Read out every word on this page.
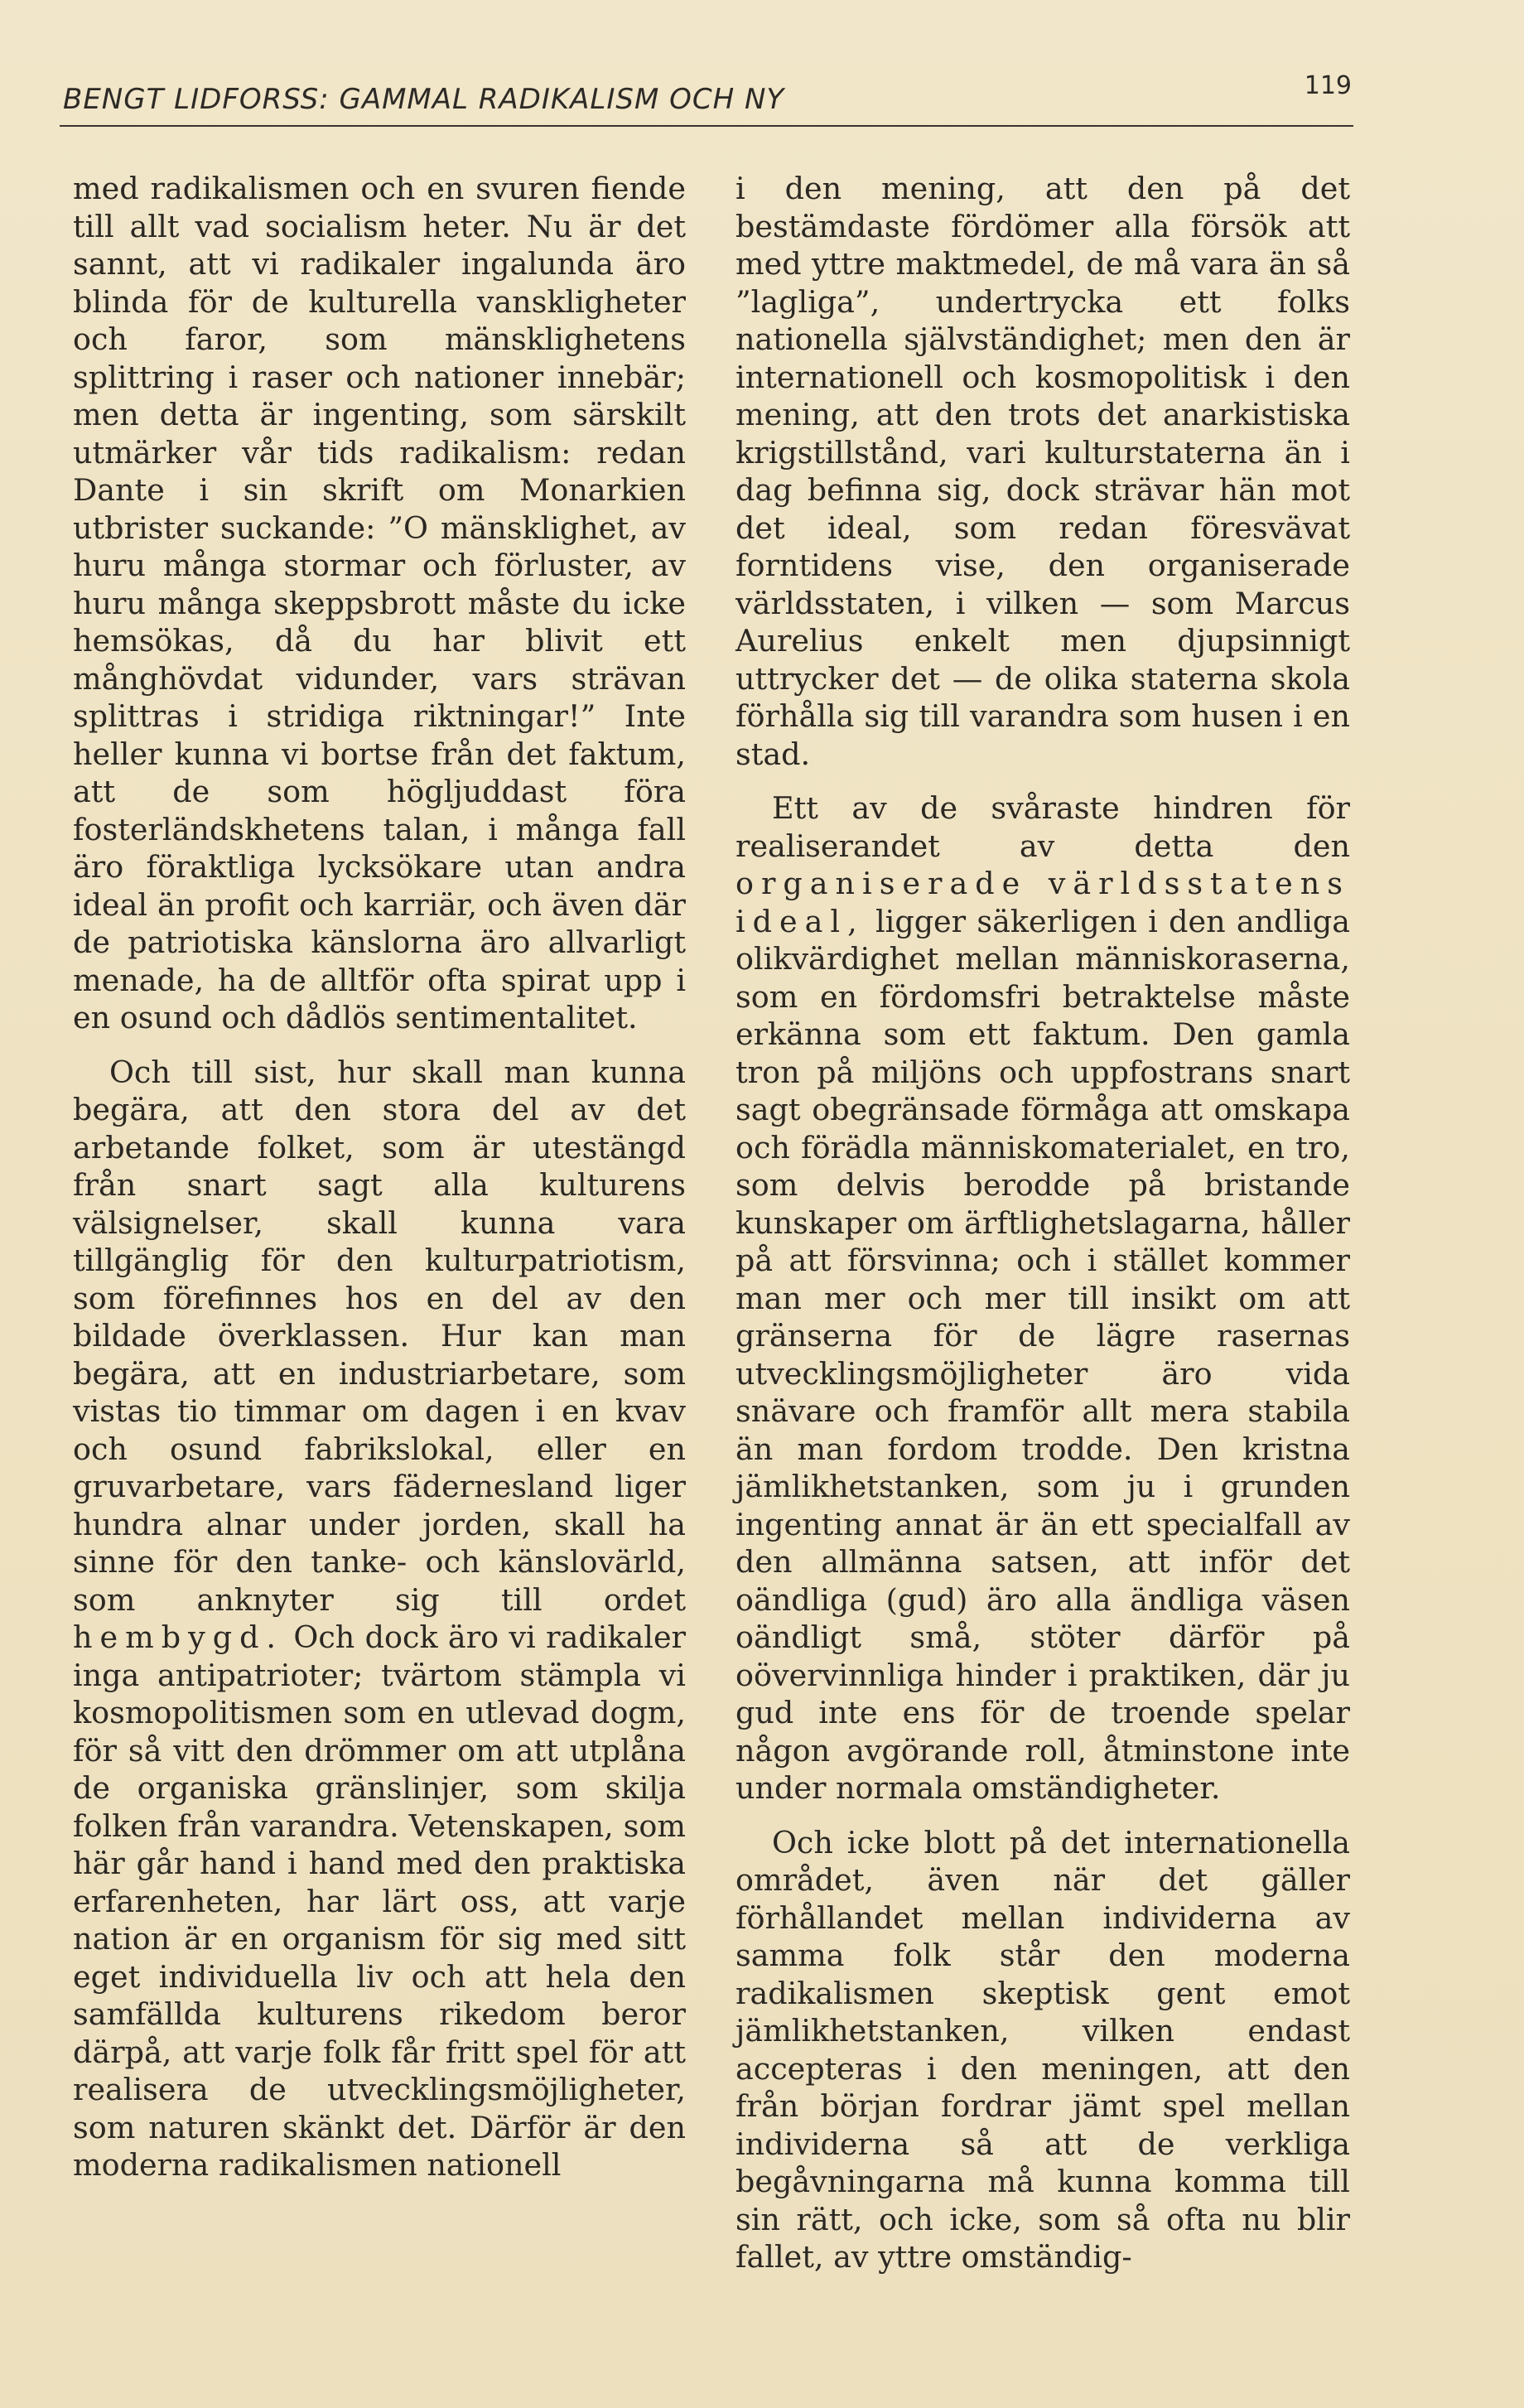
BENGT LIDFORSS: GAMMAL RADIKALISM OCH NY	119

med radikalismen och en svuren fiende till allt vad socialism heter. Nu är det sannt, att vi radikaler ingalunda äro blinda för de kulturella vanskligheter och faror, som mänsklighetens splittring i raser och nationer innebär; men detta är ingenting, som särskilt utmärker vår tids radikalism: redan Dante i sin skrift om Monarkien utbrister suckande: ”O mänsklighet, av huru många stormar och förluster, av huru många skeppsbrott måste du icke hemsökas, då du har blivit ett månghövdat vidunder, vars strävan splittras i stridiga riktningar!” Inte heller kunna vi bortse från det faktum, att de som högljuddast föra fosterländskhetens talan, i många fall äro föraktliga lycksökare utan andra ideal än profit och karriär, och även där de patriotiska känslorna äro allvarligt menade, ha de alltför ofta spirat upp i en osund och dådlös sentimentalitet.

Och till sist, hur skall man kunna begära, att den stora del av det arbetande folket, som är utestängd från snart sagt alla kulturens välsignelser, skall kunna vara tillgänglig för den kulturpatriotism, som förefinnes hos en del av den bildade överklassen. Hur kan man begära, att en industriarbetare, som vistas tio timmar om dagen i en kvav och osund fabrikslokal, eller en gruvarbetare, vars fädernesland liger hundra alnar under jorden, skall ha sinne för den tanke- och känslovärld, som anknyter sig till ordet hembygd. Och dock äro vi radikaler inga antipatrioter; tvärtom stämpla vi kosmopolitismen som en utlevad dogm, för så vitt den drömmer om att utplåna de organiska gränslinjer, som skilja folken från varandra. Vetenskapen, som här går hand i hand med den praktiska erfarenheten, har lärt oss, att varje nation är en organism för sig med sitt eget individuella liv och att hela den samfällda kulturens rikedom beror därpå, att varje folk får fritt spel för att realisera de utvecklingsmöjligheter, som naturen skänkt det. Därför är den moderna radikalismen nationell

i den mening, att den på det bestämdaste fördömer alla försök att med yttre maktmedel, de må vara än så ”lagliga”, undertrycka ett folks nationella självständighet; men den är internationell och kosmopolitisk i den mening, att den trots det anarkistiska krigstillstånd, vari kulturstaterna än i dag befinna sig, dock strävar hän mot det ideal, som redan föresvävat forntidens vise, den organiserade världsstaten, i vilken — som Marcus Aurelius enkelt men djupsinnigt uttrycker det — de olika staterna skola förhålla sig till varandra som husen i en stad.

Ett av de svåraste hindren för realiserandet av detta den organiserade världsstatens ideal, ligger säkerligen i den andliga olikvärdighet mellan människoraserna, som en fördomsfri betraktelse måste erkänna som ett faktum. Den gamla tron på miljöns och uppfostrans snart sagt obegränsade förmåga att omskapa och förädla människomaterialet, en tro, som delvis berodde på bristande kunskaper om ärftlighetslagarna, håller på att försvinna; och i stället kommer man mer och mer till insikt om att gränserna för de lägre rasernas utvecklingsmöjligheter äro vida snävare och framför allt mera stabila än man fordom trodde. Den kristna jämlikhetstanken, som ju i grunden ingenting annat är än ett specialfall av den allmänna satsen, att inför det oändliga (gud) äro alla ändliga väsen oändligt små, stöter därför på oövervinnliga hinder i praktiken, där ju gud inte ens för de troende spelar någon avgörande roll, åtminstone inte under normala omständigheter.

Och icke blott på det internationella området, även när det gäller förhållandet mellan individerna av samma folk står den moderna radikalismen skeptisk gent emot jämlikhetstanken, vilken endast accepteras i den meningen, att den från början fordrar jämt spel mellan individerna så att de verkliga begåvningarna må kunna komma till sin rätt, och icke, som så ofta nu blir fallet, av yttre omständig-
